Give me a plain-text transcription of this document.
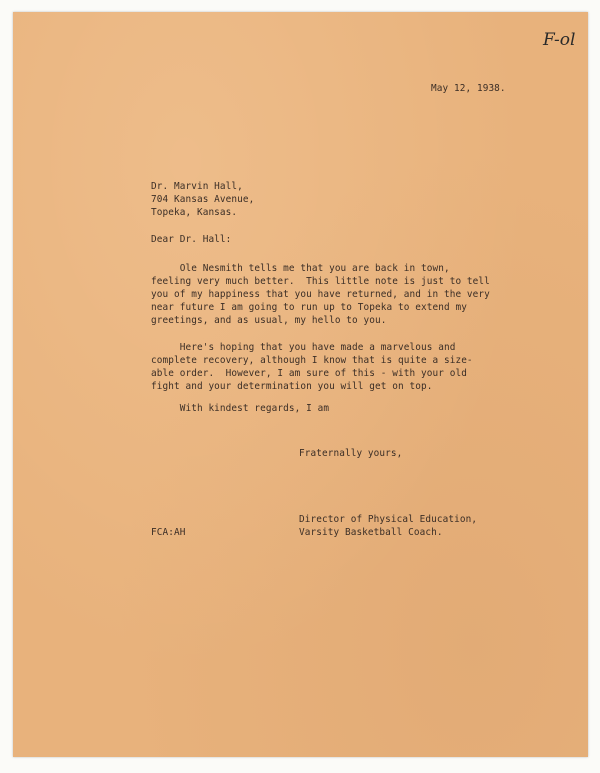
F-ol
May 12, 1938.
Dr. Marvin Hall,
704 Kansas Avenue,
Topeka, Kansas.
Dear Dr. Hall:
Ole Nesmith tells me that you are back in town,
feeling very much better.  This little note is just to tell
you of my happiness that you have returned, and in the very
near future I am going to run up to Topeka to extend my
greetings, and as usual, my hello to you.
Here's hoping that you have made a marvelous and
complete recovery, although I know that is quite a size-
able order.  However, I am sure of this - with your old
fight and your determination you will get on top.
With kindest regards, I am
Fraternally yours,
Director of Physical Education,
Varsity Basketball Coach.
FCA:AH
